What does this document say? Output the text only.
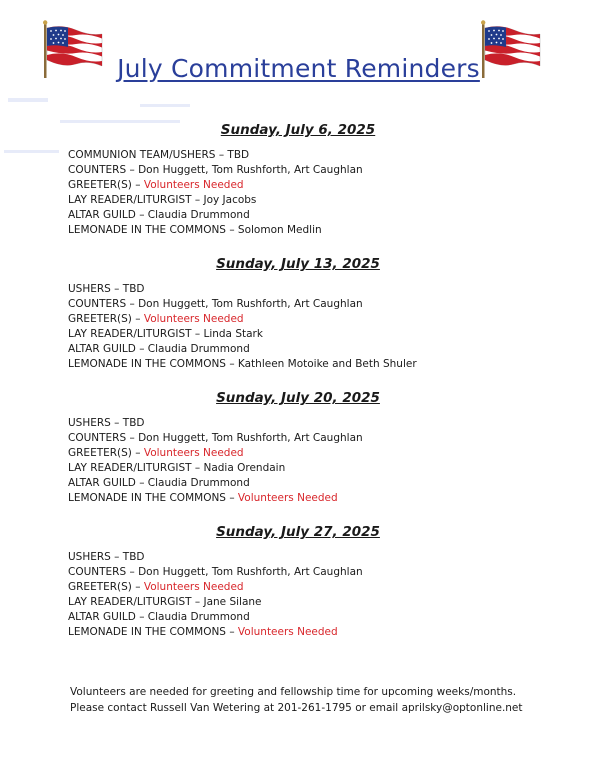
July Commitment Reminders
Sunday, July 6, 2025
COMMUNION TEAM/USHERS – TBD
COUNTERS – Don Huggett, Tom Rushforth, Art Caughlan
GREETER(S) – Volunteers Needed
LAY READER/LITURGIST – Joy Jacobs
ALTAR GUILD – Claudia Drummond
LEMONADE IN THE COMMONS – Solomon Medlin
Sunday, July 13, 2025
USHERS – TBD
COUNTERS – Don Huggett, Tom Rushforth, Art Caughlan
GREETER(S) – Volunteers Needed
LAY READER/LITURGIST – Linda Stark
ALTAR GUILD – Claudia Drummond
LEMONADE IN THE COMMONS – Kathleen Motoike and Beth Shuler
Sunday, July 20, 2025
USHERS – TBD
COUNTERS – Don Huggett, Tom Rushforth, Art Caughlan
GREETER(S) – Volunteers Needed
LAY READER/LITURGIST – Nadia Orendain
ALTAR GUILD – Claudia Drummond
LEMONADE IN THE COMMONS – Volunteers Needed
Sunday, July 27, 2025
USHERS – TBD
COUNTERS – Don Huggett, Tom Rushforth, Art Caughlan
GREETER(S) – Volunteers Needed
LAY READER/LITURGIST – Jane Silane
ALTAR GUILD – Claudia Drummond
LEMONADE IN THE COMMONS – Volunteers Needed
Volunteers are needed for greeting and fellowship time for upcoming weeks/months.
Please contact Russell Van Wetering at 201-261-1795 or email aprilsky@optonline.net
